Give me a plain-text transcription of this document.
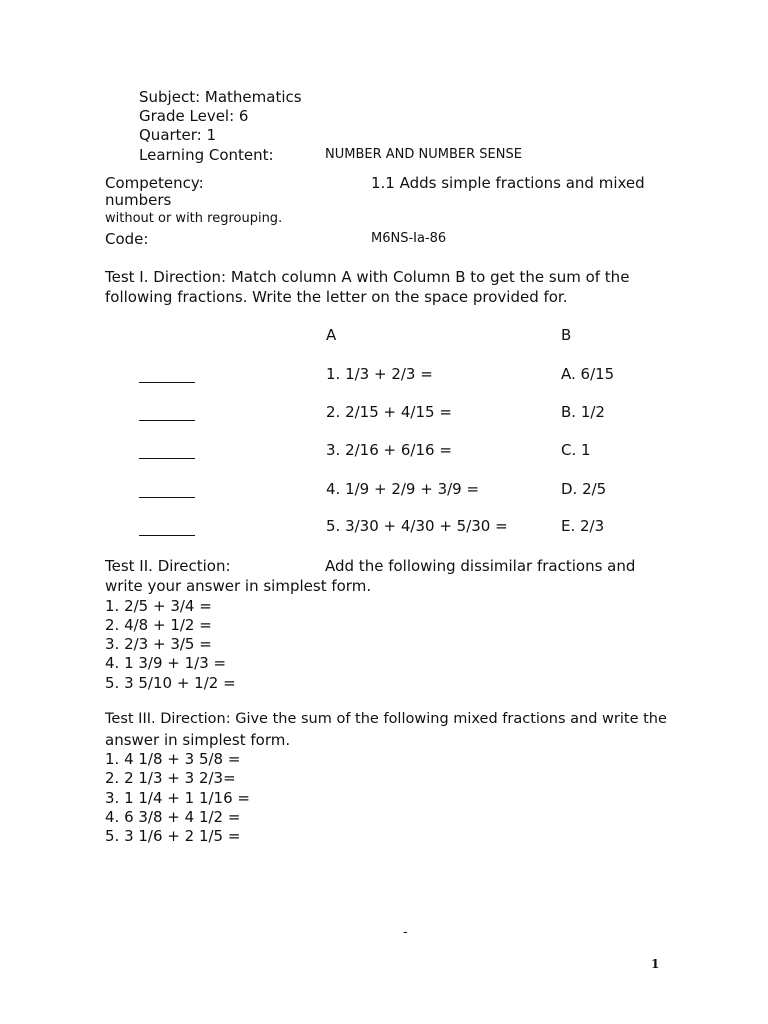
Subject: Mathematics
Grade Level: 6
Quarter: 1
Learning Content:	NUMBER AND NUMBER SENSE
Competency:	1.1 Adds simple fractions and mixed
numbers
without or with regrouping.
Code:	M6NS-Ia-86
Test I. Direction: Match column A with Column B to get the sum of the
following fractions. Write the letter on the space provided for.
A	B
1. 1/3 + 2/3 =	A. 6/15
2. 2/15 + 4/15 =	B. 1/2
3. 2/16 + 6/16 =	C. 1
4. 1/9 + 2/9 + 3/9 =	D. 2/5
5. 3/30 + 4/30 + 5/30 =	E. 2/3
Test II. Direction:	Add the following dissimilar fractions and
write your answer in simplest form.
1. 2/5 + 3/4 =
2. 4/8 + 1/2 =
3. 2/3 + 3/5 =
4. 1 3/9 + 1/3 =
5. 3 5/10 + 1/2 =
Test III. Direction: Give the sum of the following mixed fractions and write the
answer in simplest form.
1. 4 1/8 + 3 5/8 =
2. 2 1/3 + 3 2/3=
3. 1 1/4 + 1 1/16 =
4. 6 3/8 + 4 1/2 =
5. 3 1/6 + 2 1/5 =
-
1
